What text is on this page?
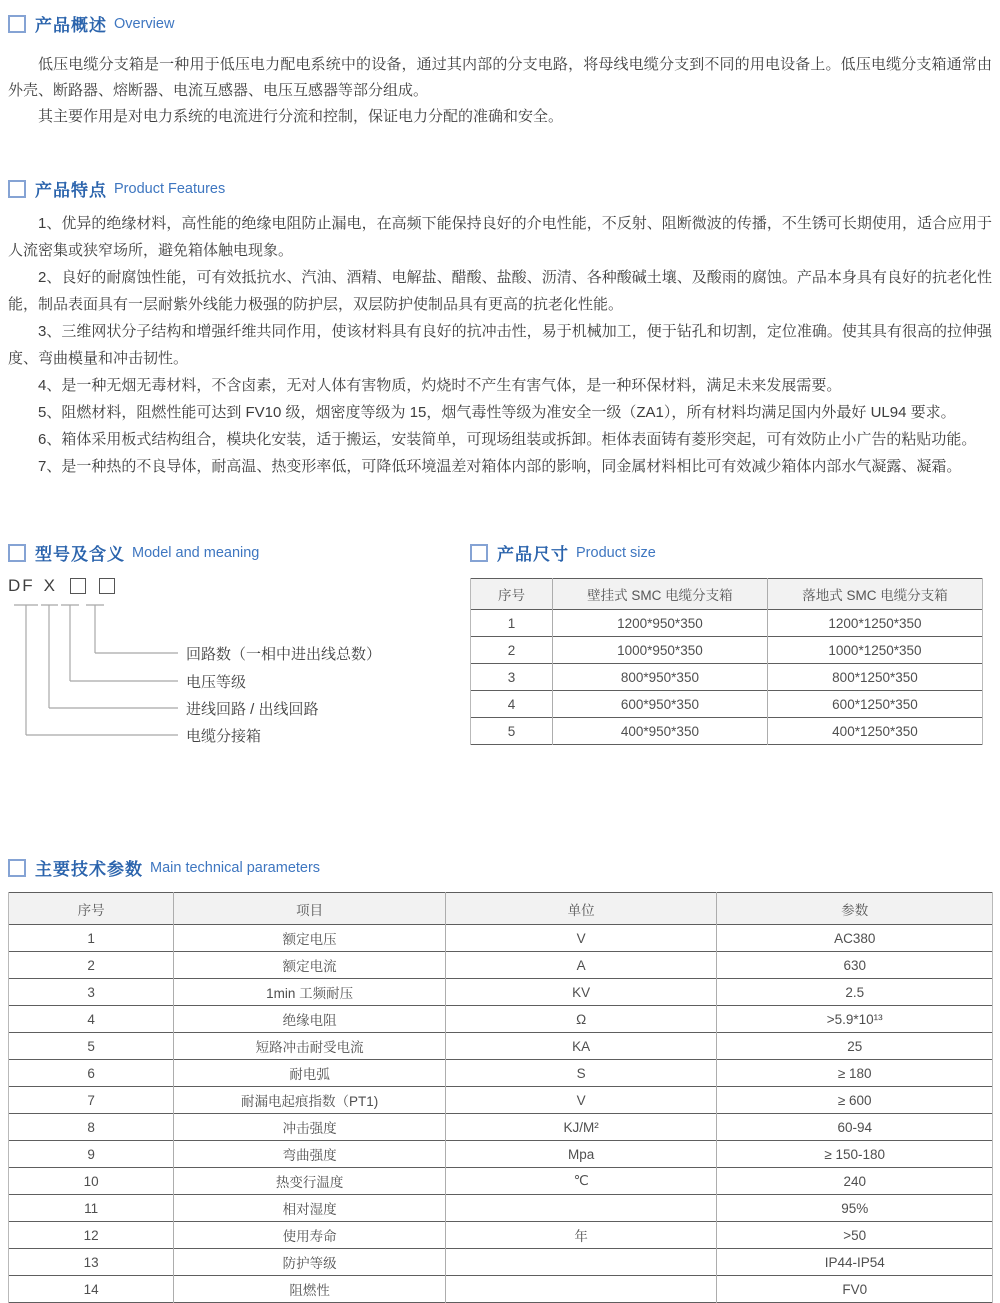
产品概述 Overview

低压电缆分支箱是一种用于低压电力配电系统中的设备，通过其内部的分支电路，将母线电缆分支到不同的用电设备上。低压电缆分支箱通常由外壳、断路器、熔断器、电流互感器、电压互感器等部分组成。

其主要作用是对电力系统的电流进行分流和控制，保证电力分配的准确和安全。

产品特点 Product Features

1、优异的绝缘材料，高性能的绝缘电阻防止漏电，在高频下能保持良好的介电性能，不反射、阻断微波的传播，不生锈可长期使用，适合应用于人流密集或狭窄场所，避免箱体触电现象。

2、良好的耐腐蚀性能，可有效抵抗水、汽油、酒精、电解盐、醋酸、盐酸、沥清、各种酸碱土壤、及酸雨的腐蚀。产品本身具有良好的抗老化性能，制品表面具有一层耐紫外线能力极强的防护层，双层防护使制品具有更高的抗老化性能。

3、三维网状分子结构和增强纤维共同作用，使该材料具有良好的抗冲击性，易于机械加工，便于钻孔和切割，定位准确。使其具有很高的拉伸强度、弯曲模量和冲击韧性。

4、是一种无烟无毒材料，不含卤素，无对人体有害物质，灼烧时不产生有害气体，是一种环保材料，满足未来发展需要。

5、阻燃材料，阻燃性能可达到 FV10 级，烟密度等级为 15，烟气毒性等级为准安全一级（ZA1），所有材料均满足国内外最好 UL94 要求。

6、箱体采用板式结构组合，模块化安装，适于搬运，安装简单，可现场组装或拆卸。柜体表面铸有菱形突起，可有效防止小广告的粘贴功能。

7、是一种热的不良导体，耐高温、热变形率低，可降低环境温差对箱体内部的影响，同金属材料相比可有效减少箱体内部水气凝露、凝霜。

型号及含义 Model and meaning
DF X
回路数（一相中进出线总数）
电压等级
进线回路 / 出线回路
电缆分接箱
产品尺寸 Product size
序号	壁挂式 SMC 电缆分支箱	落地式 SMC 电缆分支箱
1	1200*950*350	1200*1250*350
2	1000*950*350	1000*1250*350
3	800*950*350	800*1250*350
4	600*950*350	600*1250*350
5	400*950*350	400*1250*350
主要技术参数 Main technical parameters
序号	项目	单位	参数
1	额定电压	V	AC380
2	额定电流	A	630
3	1min 工频耐压	KV	2.5
4	绝缘电阻	Ω	>5.9*10¹³
5	短路冲击耐受电流	KA	25
6	耐电弧	S	≥ 180
7	耐漏电起痕指数（PT1)	V	≥ 600
8	冲击强度	KJ/M²	60-94
9	弯曲强度	Mpa	≥ 150-180
10	热变行温度	℃	240
11	相对湿度		95%
12	使用寿命	年	>50
13	防护等级		IP44-IP54
14	阻燃性		FV0
